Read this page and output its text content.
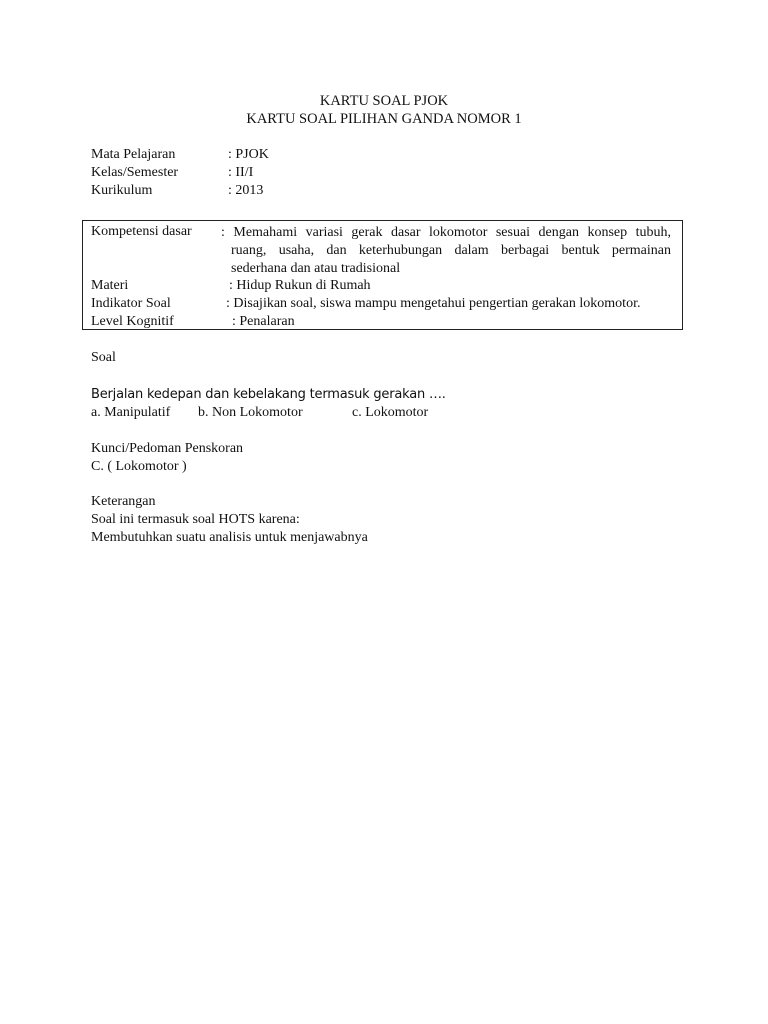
KARTU SOAL PJOK
KARTU SOAL PILIHAN GANDA NOMOR 1
Mata Pelajaran	: PJOK
Kelas/Semester	: II/I
Kurikulum	: 2013
Kompetensi dasar : Memahami variasi gerak dasar lokomotor sesuai dengan konsep tubuh,
ruang, usaha, dan keterhubungan dalam berbagai bentuk permainan
sederhana dan atau tradisional
Materi	: Hidup Rukun di Rumah
Indikator Soal	: Disajikan soal, siswa mampu mengetahui pengertian gerakan lokomotor.
Level Kognitif	: Penalaran
Soal
Berjalan kedepan dan kebelakang termasuk gerakan ….
a. Manipulatif b. Non Lokomotor	c. Lokomotor
Kunci/Pedoman Penskoran
C. ( Lokomotor )
Keterangan
Soal ini termasuk soal HOTS karena:
Membutuhkan suatu analisis untuk menjawabnya
